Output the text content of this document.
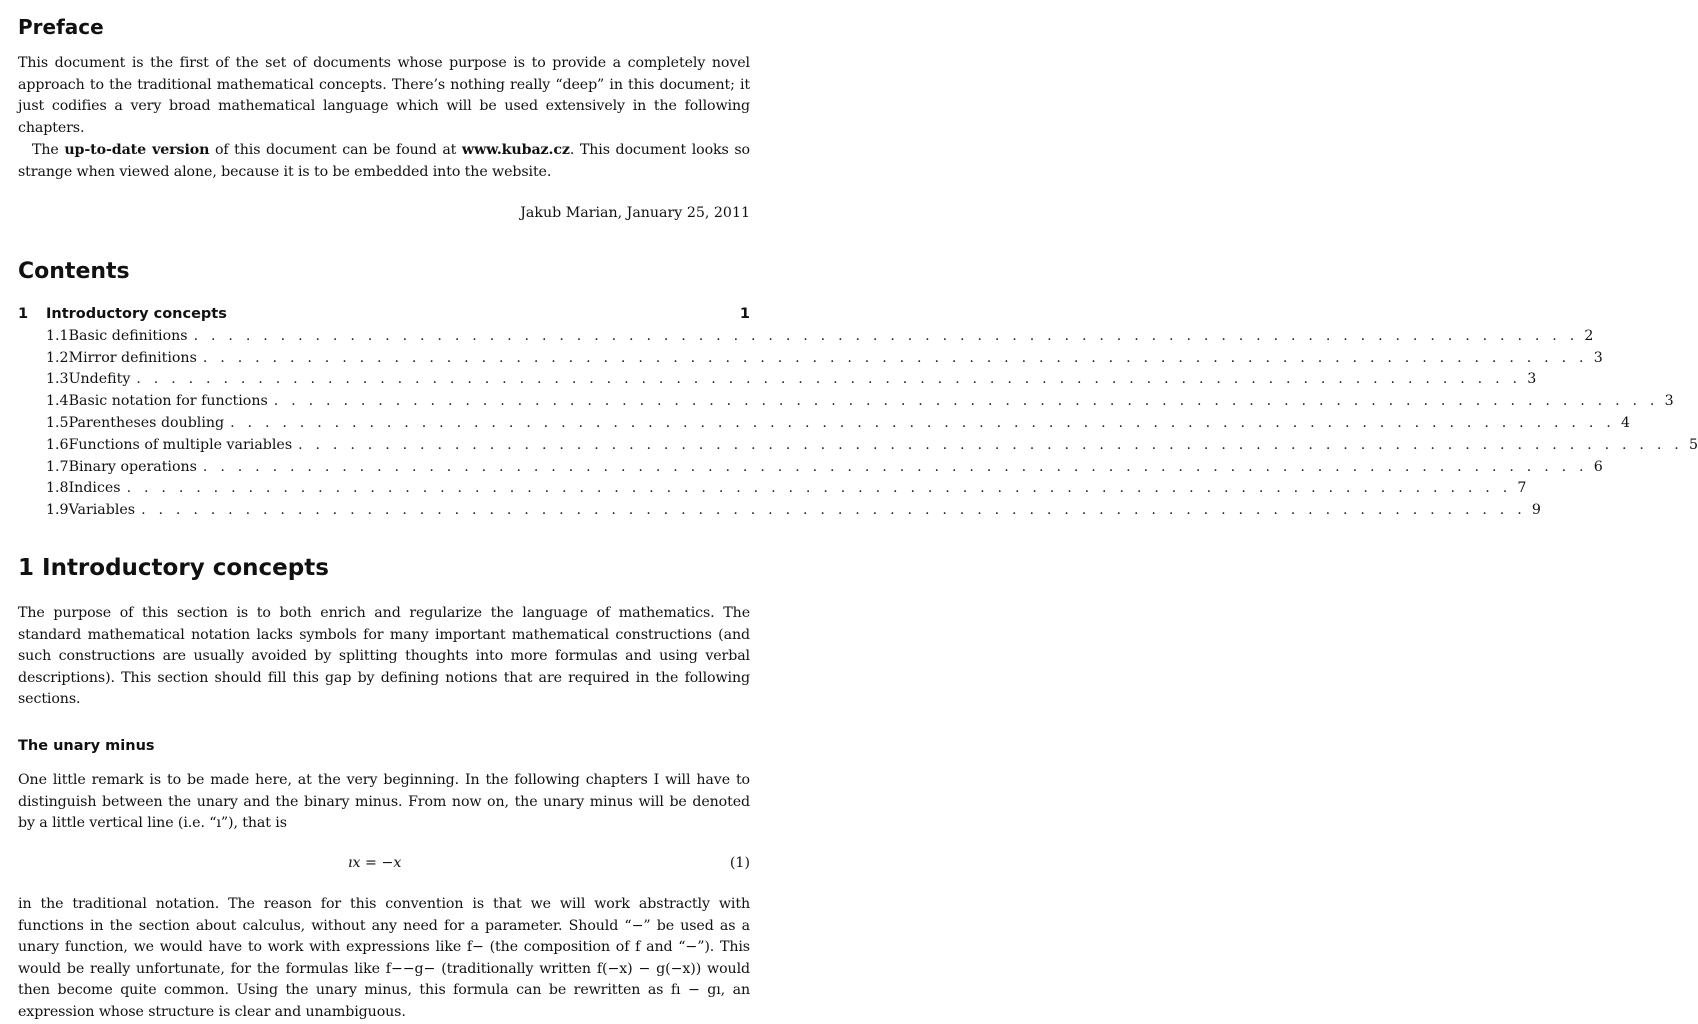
Preface

This document is the first of the set of documents whose purpose is to provide a completely novel approach to the traditional mathematical concepts. There’s nothing really “deep” in this document; it just codifies a very broad mathematical language which will be used extensively in the following chapters.

The up-to-date version of this document can be found at www.kubaz.cz. This document looks so strange when viewed alone, because it is to be embedded into the website.

Jakub Marian, January 25, 2011
Contents
1	Introductory concepts	1
1.1 Basic definitions . . . . . . . . . . . . . . . . . . . . . . . . . . . . . . . . . . . . . . . . . . . . . . . . . . . . . . . . . . . . . . . . . . . . . . . . . . . . . . . . 2
1.2 Mirror definitions . . . . . . . . . . . . . . . . . . . . . . . . . . . . . . . . . . . . . . . . . . . . . . . . . . . . . . . . . . . . . . . . . . . . . . . . . . . . . . . . 3
1.3 Undefity . . . . . . . . . . . . . . . . . . . . . . . . . . . . . . . . . . . . . . . . . . . . . . . . . . . . . . . . . . . . . . . . . . . . . . . . . . . . . . . . 3
1.4 Basic notation for functions . . . . . . . . . . . . . . . . . . . . . . . . . . . . . . . . . . . . . . . . . . . . . . . . . . . . . . . . . . . . . . . . . . . . . . . . . . . . . . . . 3
1.5 Parentheses doubling . . . . . . . . . . . . . . . . . . . . . . . . . . . . . . . . . . . . . . . . . . . . . . . . . . . . . . . . . . . . . . . . . . . . . . . . . . . . . . . . 4
1.6 Functions of multiple variables . . . . . . . . . . . . . . . . . . . . . . . . . . . . . . . . . . . . . . . . . . . . . . . . . . . . . . . . . . . . . . . . . . . . . . . . . . . . . . . . 5
1.7 Binary operations . . . . . . . . . . . . . . . . . . . . . . . . . . . . . . . . . . . . . . . . . . . . . . . . . . . . . . . . . . . . . . . . . . . . . . . . . . . . . . . . 6
1.8 Indices . . . . . . . . . . . . . . . . . . . . . . . . . . . . . . . . . . . . . . . . . . . . . . . . . . . . . . . . . . . . . . . . . . . . . . . . . . . . . . . . 7
1.9 Variables . . . . . . . . . . . . . . . . . . . . . . . . . . . . . . . . . . . . . . . . . . . . . . . . . . . . . . . . . . . . . . . . . . . . . . . . . . . . . . . . 9
1 Introductory concepts

The purpose of this section is to both enrich and regularize the language of mathematics. The standard mathematical notation lacks symbols for many important mathematical constructions (and such constructions are usually avoided by splitting thoughts into more formulas and using verbal descriptions). This section should fill this gap by defining notions that are required in the following sections.

The unary minus

One little remark is to be made here, at the very beginning. In the following chapters I will have to distinguish between the unary and the binary minus. From now on, the unary minus will be denoted by a little vertical line (i.e. “ı”), that is

ıx = −x	(1)

in the traditional notation. The reason for this convention is that we will work abstractly with functions in the section about calculus, without any need for a parameter. Should “−” be used as a unary function, we would have to work with expressions like f− (the composition of f and “−”). This would be really unfortunate, for the formulas like f−−g− (traditionally written f(−x) − g(−x)) would then become quite common. Using the unary minus, this formula can be rewritten as fı − gı, an expression whose structure is clear and unambiguous.
